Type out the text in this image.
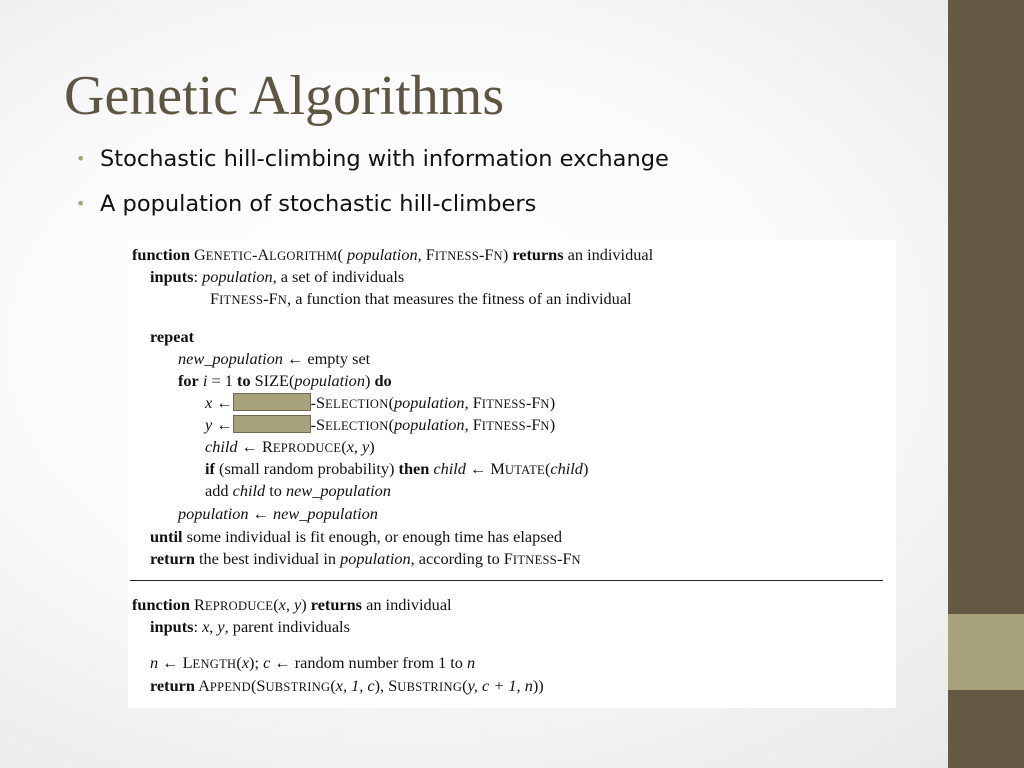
Genetic Algorithms
• Stochastic hill-climbing with information exchange
• A population of stochastic hill-climbers
function GENETIC-ALGORITHM( population, FITNESS-FN) returns an individual
inputs: population, a set of individuals
FITNESS-FN, a function that measures the fitness of an individual
repeat
new_population ← empty set
for i = 1 to SIZE(population) do
x ←	-SELECTION(population, FITNESS-FN)
y ←	-SELECTION(population, FITNESS-FN)
child ← REPRODUCE(x, y)
if (small random probability) then child ← MUTATE(child)
add child to new_population
population ← new_population
until some individual is fit enough, or enough time has elapsed
return the best individual in population, according to FITNESS-FN
function REPRODUCE(x, y) returns an individual
inputs: x, y, parent individuals
n ← LENGTH(x); c ← random number from 1 to n
return APPEND(SUBSTRING(x, 1, c), SUBSTRING(y, c + 1, n))
